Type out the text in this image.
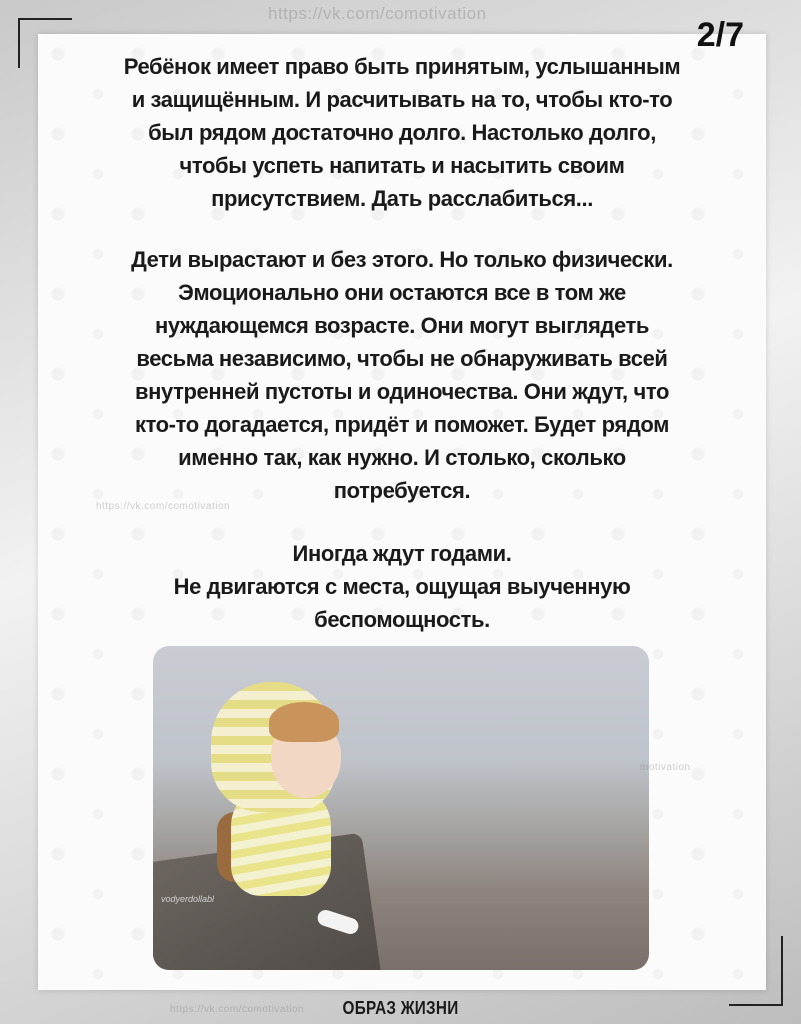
https://vk.com/comotivation
2/7

Ребёнок имеет право быть принятым, услышанным
и защищённым. И расчитывать на то, чтобы кто-то
был рядом достаточно долго. Настолько долго,
чтобы успеть напитать и насытить своим
присутствием. Дать расслабиться...

Дети вырастают и без этого. Но только физически.
Эмоционально они остаются все в том же
нуждающемся возрасте. Они могут выглядеть
весьма независимо, чтобы не обнаруживать всей
внутренней пустоты и одиночества. Они ждут, что
кто-то догадается, придёт и поможет. Будет рядом
именно так, как нужно. И столько, сколько
потребуется.

Иногда ждут годами.
Не двигаются с места, ощущая выученную
беспомощность.

vodyerdollabl
https://vk.com/comotivation
motivation
https://vk.com/comotivation	ОБРАЗ ЖИЗНИ
